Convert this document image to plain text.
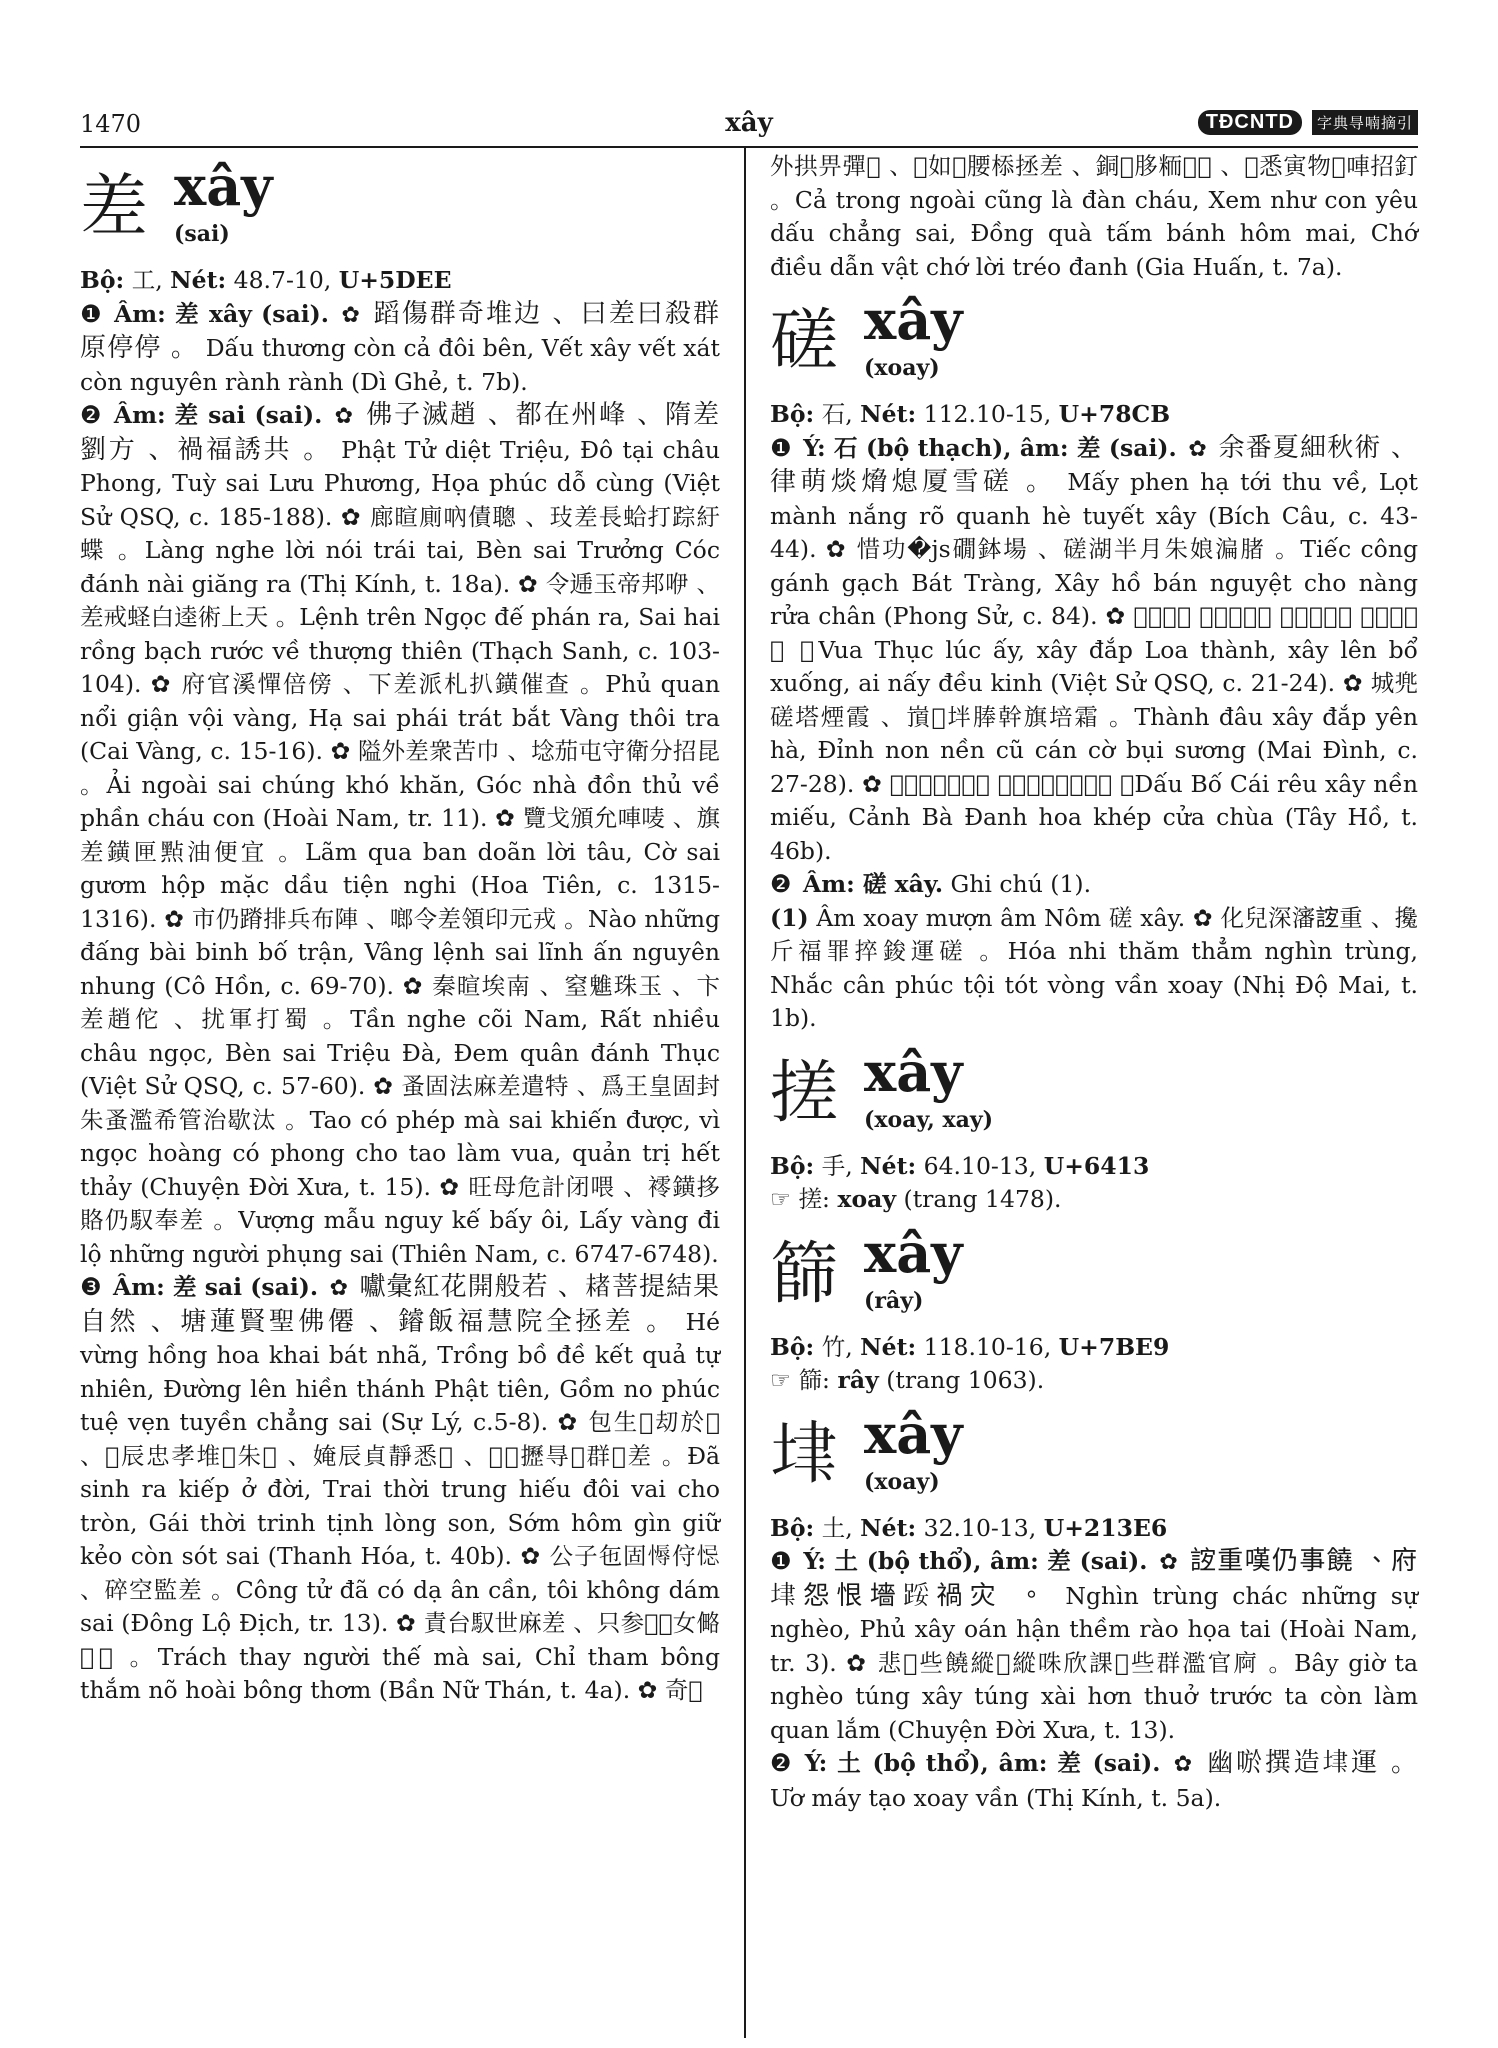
1470	xây	TĐCNTD	字典㝵喃摘引
差 xây
(sai)

Bộ: 工, Nét: 48.7-10, U+5DEE

❶ Âm: 差 xây (sai). ✿ 蹈傷群奇堆边 、曰差曰殺群原停停 。 Dấu thương còn cả đôi bên, Vết xây vết xát còn nguyên rành rành (Dì Ghẻ, t. 7b).

❷ Âm: 差 sai (sai). ✿ 佛子滅趙 、都在州峰 、隋差劉方 、禍福誘共 。 Phật Tử diệt Triệu, Đô tại châu Phong, Tuỳ sai Lưu Phương, Họa phúc dỗ cùng (Việt Sử QSQ, c. 185-188). ✿ 廊暄廁吶債聰 、㺳差長蛤打踪紆蝶 。Làng nghe lời nói trái tai, Bèn sai Trưởng Cóc đánh nài giăng ra (Thị Kính, t. 18a). ✿ 令逓玉帝邦咿 、差戒蛏白逵術上天 。Lệnh trên Ngọc đế phán ra, Sai hai rồng bạch rước về thượng thiên (Thạch Sanh, c. 103-104). ✿ 府官溪憚倍傍 、下差派札扒鐄催查 。Phủ quan nổi giận vội vàng, Hạ sai phái trát bắt Vàng thôi tra (Cai Vàng, c. 15-16). ✿ 隘外差衆苦巾 、埝茄屯守衛分招昆 。Ải ngoài sai chúng khó khăn, Góc nhà đồn thủ về phần cháu con (Hoài Nam, tr. 11). ✿ 覽戈頒允唓唛 、旗差鐄匣㸃油便宜 。Lãm qua ban doãn lời tâu, Cờ sai gươm hộp mặc dầu tiện nghi (Hoa Tiên, c. 1315-1316). ✿ 市仍蹐排兵布陣 、啷令差領印元戎 。Nào những đấng bài binh bố trận, Vâng lệnh sai lĩnh ấn nguyên nhung (Cô Hồn, c. 69-70). ✿ 秦暄埃南 、窒魋珠玉 、卞差趙佗 、扰軍打蜀 。Tần nghe cõi Nam, Rất nhiều châu ngọc, Bèn sai Triệu Đà, Đem quân đánh Thục (Việt Sử QSQ, c. 57-60). ✿ 蚤固法麻差遣特 、爲王皇固封朱蚤濫希管治歇汰 。Tao có phép mà sai khiến được, vì ngọc hoàng có phong cho tao làm vua, quản trị hết thảy (Chuyện Đời Xưa, t. 15). ✿ 旺母危計闭喂 、䙥鐄拸賂仍馭奉差 。Vượng mẫu nguy kế bấy ôi, Lấy vàng đi lộ những người phụng sai (Thiên Nam, c. 6747-6748).

❸ Âm: 差 sai (sai). ✿ 囐彙紅花開般若 、𣗓菩提結果自然 、塘蓮賢聖佛僊 、䥧飯福慧院全拯差 。 Hé vừng hồng hoa khai bát nhã, Trồng bồ đề kết quả tự nhiên, Đường lên hiền thánh Phật tiên, Gồm no phúc tuệ vẹn tuyền chẳng sai (Sự Lý, c.5-8). ✿ 包生𡗶刧於𣈜 、𤳆辰忠孝堆𨉟朱𡓮 、㛪辰貞靜悉𦀊 、𠸗𠸗攊㝵𡠣群𢚸差 。Đã sinh ra kiếp ở đời, Trai thời trung hiếu đôi vai cho tròn, Gái thời trinh tịnh lòng son, Sớm hôm gìn giữ kẻo còn sót sai (Thanh Hóa, t. 40b). ✿ 公子㐌固𢟹㑏𢚁 、碎空監差 。Công tử đã có dạ ân cần, tôi không dám sai (Đông Lộ Địch, tr. 13). ✿ 責台馭世麻差 、只参𦹵𦽰女㑼𦹵𦹳 。Trách thay người thế mà sai, Chỉ tham bông thắm nõ hoài bông thơm (Bần Nữ Thán, t. 4a). ✿ 奇𨉓

外拱畀彈𤀗 、𥄭如𧜖腰㮇拯差 、銅𩜀䏧粫𧡊𥋳 、𦖑悉寅物𦖑唓招釘 。Cả trong ngoài cũng là đàn cháu, Xem như con yêu dấu chẳng sai, Đồng quà tấm bánh hôm mai, Chớ điều dẫn vật chớ lời tréo đanh (Gia Huấn, t. 7a).

磋 xây
(xoay)

Bộ: 石, Nét: 112.10-15, U+78CB

❶ Ý: 石 (bộ thạch), âm: 差 (sai). ✿ 余番夏細秋術 、律萌㷋熁熄厦雪磋 。 Mấy phen hạ tới thu về, Lọt mành nắng rõ quanh hè tuyết xây (Bích Câu, c. 43-44). ✿ 惜功�js礀鉢場 、磋湖半月朱娘㴜䐗 。Tiếc công gánh gạch Bát Tràng, Xây hồ bán nguyệt cho nàng rửa chân (Phong Sử, c. 84). ✿ 𥫇蜀𣋚意 、磋搭螺城 、磋蓮𥙪䡗 、埃乃調驚 。Vua Thục lúc ấy, xây đắp Loa thành, xây lên bổ xuống, ai nấy đều kinh (Việt Sử QSQ, c. 21-24). ✿ 城兠磋塔煙霞 、嵿𡶀坢䏾幹旗培霜 。Thành đâu xây đắp yên hà, Đỉnh non nền cũ cán cờ bụi sương (Mai Đình, c. 27-28). ✿ 𨀈布丐蘧磋𡑝廟 、景婆釘花捌闡厨 。Dấu Bố Cái rêu xây nền miếu, Cảnh Bà Đanh hoa khép cửa chùa (Tây Hồ, t. 46b).

❷ Âm: 磋 xây. Ghi chú (1).

(1) Âm xoay mượn âm Nôm 磋 xây. ✿ 化兒深瀋𧧼重 、攙斤福罪捽鋑運磋 。Hóa nhi thăm thẳm nghìn trùng, Nhắc cân phúc tội tót vòng vần xoay (Nhị Độ Mai, t. 1b).

搓 xây
(xoay, xay)

Bộ: 手, Nét: 64.10-13, U+6413

☞ 搓: xoay (trang 1478).

篩 xây
(rây)

Bộ: 竹, Nét: 118.10-16, U+7BE9

☞ 篩: rây (trang 1063).

𡋶 xây
(xoay)

Bộ: 土, Nét: 32.10-13, U+213E6

❶ Ý: 土 (bộ thổ), âm: 差 (sai). ✿ 𧧼重嘆仍事饒 、府𡋶怨恨墻𨁡禍灾 。 Nghìn trùng chác những sự nghèo, Phủ xây oán hận thềm rào họa tai (Hoài Nam, tr. 3). ✿ 悲𣉹些饒縱𡋶縱咮欣課𣈜些群濫官㢌 。Bây giờ ta nghèo túng xây túng xài hơn thuở trước ta còn làm quan lắm (Chuyện Đời Xưa, t. 13).

❷ Ý: 土 (bộ thổ), âm: 差 (sai). ✿ 幽唹撰造𡋶運 。 Ươ máy tạo xoay vần (Thị Kính, t. 5a).
